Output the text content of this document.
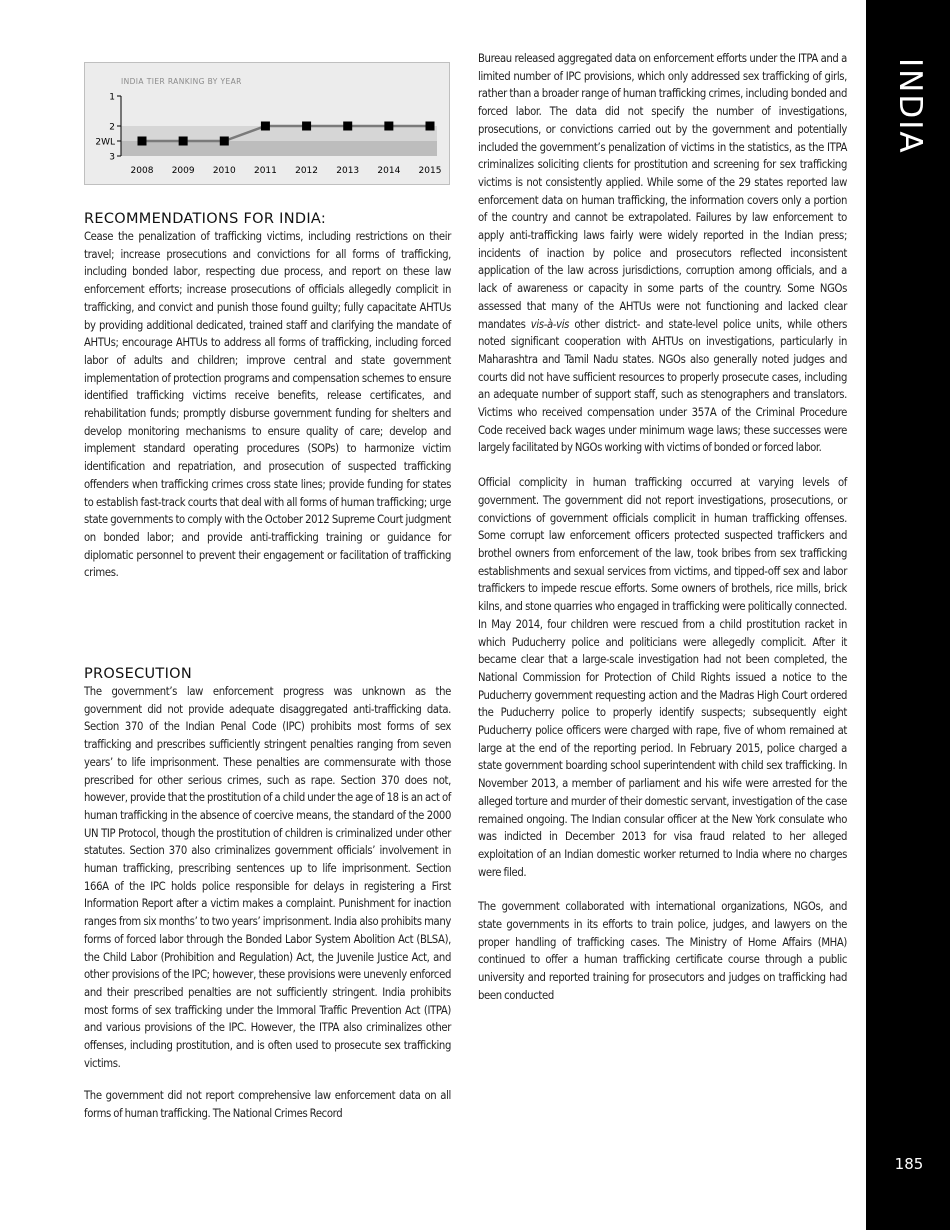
INDIA
185
INDIA TIER RANKING BY YEAR
1
2
2WL
3
2008 2009 2010 2011 2012 2013 2014 2015
RECOMMENDATIONS FOR INDIA:

Cease the penalization of trafficking victims, including restrictions on their travel; increase prosecutions and convictions for all forms of trafficking, including bonded labor, respecting due process, and report on these law enforcement efforts; increase prosecutions of officials allegedly complicit in trafficking, and convict and punish those found guilty; fully capacitate AHTUs by providing additional dedicated, trained staff and clarifying the mandate of AHTUs; encourage AHTUs to address all forms of trafficking, including forced labor of adults and children; improve central and state government implementation of protection programs and compensation schemes to ensure identified trafficking victims receive benefits, release certificates, and rehabilitation funds; promptly disburse government funding for shelters and develop monitoring mechanisms to ensure quality of care; develop and implement standard operating procedures (SOPs) to harmonize victim identification and repatriation, and prosecution of suspected trafficking offenders when trafficking crimes cross state lines; provide funding for states to establish fast-track courts that deal with all forms of human trafficking; urge state governments to comply with the October 2012 Supreme Court judgment on bonded labor; and provide anti-trafficking training or guidance for diplomatic personnel to prevent their engagement or facilitation of trafficking crimes.

PROSECUTION

The government’s law enforcement progress was unknown as the government did not provide adequate disaggregated anti-trafficking data. Section 370 of the Indian Penal Code (IPC) prohibits most forms of sex trafficking and prescribes sufficiently stringent penalties ranging from seven years’ to life imprisonment. These penalties are commensurate with those prescribed for other serious crimes, such as rape. Section 370 does not, however, provide that the prostitution of a child under the age of 18 is an act of human trafficking in the absence of coercive means, the standard of the 2000 UN TIP Protocol, though the prostitution of children is criminalized under other statutes. Section 370 also criminalizes government officials’ involvement in human trafficking, prescribing sentences up to life imprisonment. Section 166A of the IPC holds police responsible for delays in registering a First Information Report after a victim makes a complaint. Punishment for inaction ranges from six months’ to two years’ imprisonment. India also prohibits many forms of forced labor through the Bonded Labor System Abolition Act (BLSA), the Child Labor (Prohibition and Regulation) Act, the Juvenile Justice Act, and other provisions of the IPC; however, these provisions were unevenly enforced and their prescribed penalties are not sufficiently stringent. India prohibits most forms of sex trafficking under the Immoral Traffic Prevention Act (ITPA) and various provisions of the IPC. However, the ITPA also criminalizes other offenses, including prostitution, and is often used to prosecute sex trafficking victims.

The government did not report comprehensive law enforcement data on all forms of human trafficking. The National Crimes Record

Bureau released aggregated data on enforcement efforts under the ITPA and a limited number of IPC provisions, which only addressed sex trafficking of girls, rather than a broader range of human trafficking crimes, including bonded and forced labor. The data did not specify the number of investigations, prosecutions, or convictions carried out by the government and potentially included the government’s penalization of victims in the statistics, as the ITPA criminalizes soliciting clients for prostitution and screening for sex trafficking victims is not consistently applied. While some of the 29 states reported law enforcement data on human trafficking, the information covers only a portion of the country and cannot be extrapolated. Failures by law enforcement to apply anti-trafficking laws fairly were widely reported in the Indian press; incidents of inaction by police and prosecutors reflected inconsistent application of the law across jurisdictions, corruption among officials, and a lack of awareness or capacity in some parts of the country. Some NGOs assessed that many of the AHTUs were not functioning and lacked clear mandates vis-à-vis other district- and state-level police units, while others noted significant cooperation with AHTUs on investigations, particularly in Maharashtra and Tamil Nadu states. NGOs also generally noted judges and courts did not have sufficient resources to properly prosecute cases, including an adequate number of support staff, such as stenographers and translators. Victims who received compensation under 357A of the Criminal Procedure Code received back wages under minimum wage laws; these successes were largely facilitated by NGOs working with victims of bonded or forced labor.

Official complicity in human trafficking occurred at varying levels of government. The government did not report investigations, prosecutions, or convictions of government officials complicit in human trafficking offenses. Some corrupt law enforcement officers protected suspected traffickers and brothel owners from enforcement of the law, took bribes from sex trafficking establishments and sexual services from victims, and tipped-off sex and labor traffickers to impede rescue efforts. Some owners of brothels, rice mills, brick kilns, and stone quarries who engaged in trafficking were politically connected. In May 2014, four children were rescued from a child prostitution racket in which Puducherry police and politicians were allegedly complicit. After it became clear that a large-scale investigation had not been completed, the National Commission for Protection of Child Rights issued a notice to the Puducherry government requesting action and the Madras High Court ordered the Puducherry police to properly identify suspects; subsequently eight Puducherry police officers were charged with rape, five of whom remained at large at the end of the reporting period. In February 2015, police charged a state government boarding school superintendent with child sex trafficking. In November 2013, a member of parliament and his wife were arrested for the alleged torture and murder of their domestic servant, investigation of the case remained ongoing. The Indian consular officer at the New York consulate who was indicted in December 2013 for visa fraud related to her alleged exploitation of an Indian domestic worker returned to India where no charges were filed.

The government collaborated with international organizations, NGOs, and state governments in its efforts to train police, judges, and lawyers on the proper handling of trafficking cases. The Ministry of Home Affairs (MHA) continued to offer a human trafficking certificate course through a public university and reported training for prosecutors and judges on trafficking had been conducted
